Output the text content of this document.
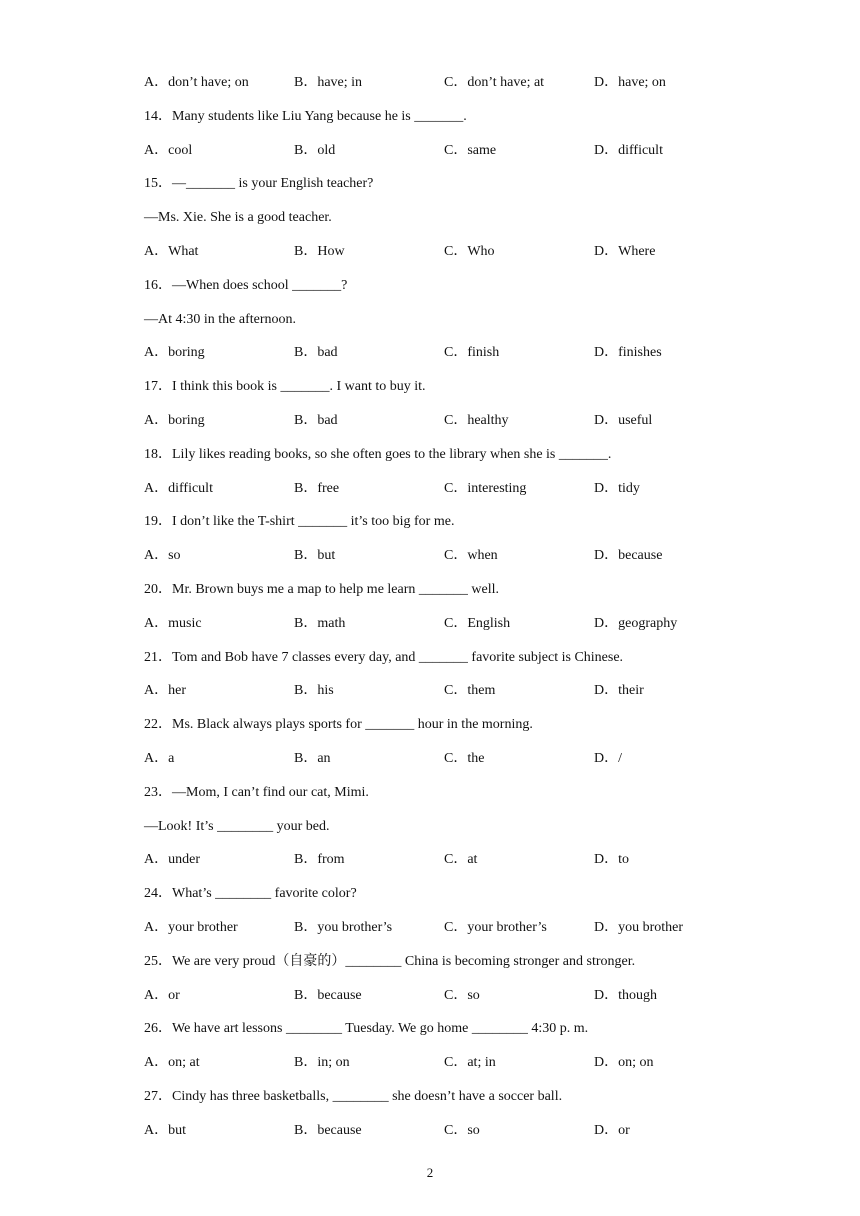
A．don’t have; on	B．have; in	C．don’t have; at	D．have; on
14．Many students like Liu Yang because he is _______.
A．cool	B．old	C．same	D．difficult
15．—_______ is your English teacher?
—Ms. Xie. She is a good teacher.
A．What	B．How	C．Who	D．Where
16．—When does school _______?
—At 4:30 in the afternoon.
A．boring	B．bad	C．finish	D．finishes
17．I think this book is _______. I want to buy it.
A．boring	B．bad	C．healthy	D．useful
18．Lily likes reading books, so she often goes to the library when she is _______.
A．difficult	B．free	C．interesting	D．tidy
19．I don’t like the T-shirt _______ it’s too big for me.
A．so	B．but	C．when	D．because
20．Mr. Brown buys me a map to help me learn _______ well.
A．music	B．math	C．English	D．geography
21．Tom and Bob have 7 classes every day, and _______ favorite subject is Chinese.
A．her	B．his	C．them	D．their
22．Ms. Black always plays sports for _______ hour in the morning.
A．a	B．an	C．the	D．/
23．—Mom, I can’t find our cat, Mimi.
—Look! It’s ________ your bed.
A．under	B．from	C．at	D．to
24．What’s ________ favorite color?
A．your brother	B．you brother’s	C．your brother’s	D．you brother
25．We are very proud（自豪的）________ China is becoming stronger and stronger.
A．or	B．because	C．so	D．though
26．We have art lessons ________ Tuesday. We go home ________ 4:30 p. m.
A．on; at	B．in; on	C．at; in	D．on; on
27．Cindy has three basketballs, ________ she doesn’t have a soccer ball.
A．but	B．because	C．so	D．or
2
